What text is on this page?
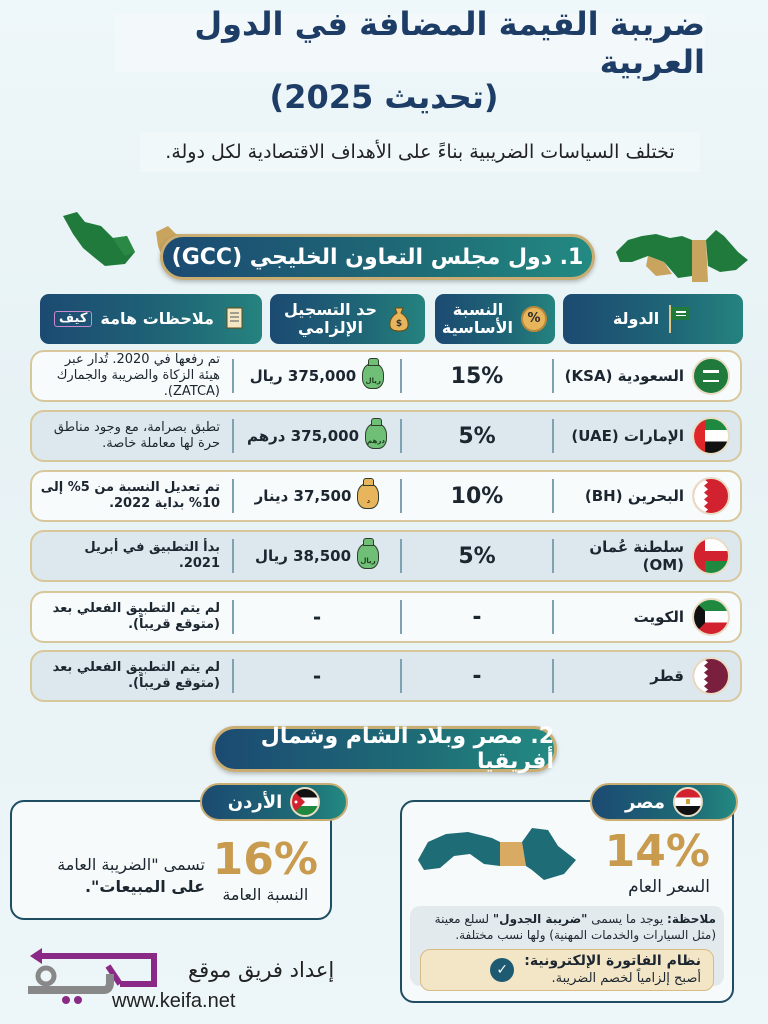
ضريبة القيمة المضافة في الدول العربية
(تحديث 2025)
تختلف السياسات الضريبية بناءً على الأهداف الاقتصادية لكل دولة.
1. دول مجلس التعاون الخليجي (GCC)
الدولة
%
النسبة الأساسية
$
حد التسجيل الإلزامي
ملاحظات هامة
كيف
السعودية (KSA)
15%
ريال
375,000 ريال
تم رفعها في 2020. تُدار عبر هيئة الزكاة والضريبة والجمارك (ZATCA).
الإمارات (UAE)
5%
درهم
375,000 درهم
تطبق بصرامة، مع وجود مناطق حرة لها معاملة خاصة.
البحرين (BH)
10%
د
37,500 دينار
تم تعديل النسبة من 5% إلى 10% بداية 2022.
سلطنة عُمان (OM)
5%
ريال
38,500 ريال
بدأ التطبيق في أبريل 2021.
الكويت
-
-
لم يتم التطبيق الفعلي بعد (متوقع قريباً).
قطر
-
-
لم يتم التطبيق الفعلي بعد (متوقع قريباً).
2. مصر وبلاد الشام وشمال أفريقيا
16%
النسبة العامة
تسمى "الضريبة العامة
على المبيعات".
الأردن
14%
السعر العام
ملاحظة: يوجد ما يسمى "ضريبة الجدول" لسلع معينة (مثل السيارات والخدمات المهنية) ولها نسب مختلفة.
نظام الفاتورة الإلكترونية:
أصبح إلزامياً لخصم الضريبة.
✓
مصر
إعداد فريق موقع
www.keifa.net
